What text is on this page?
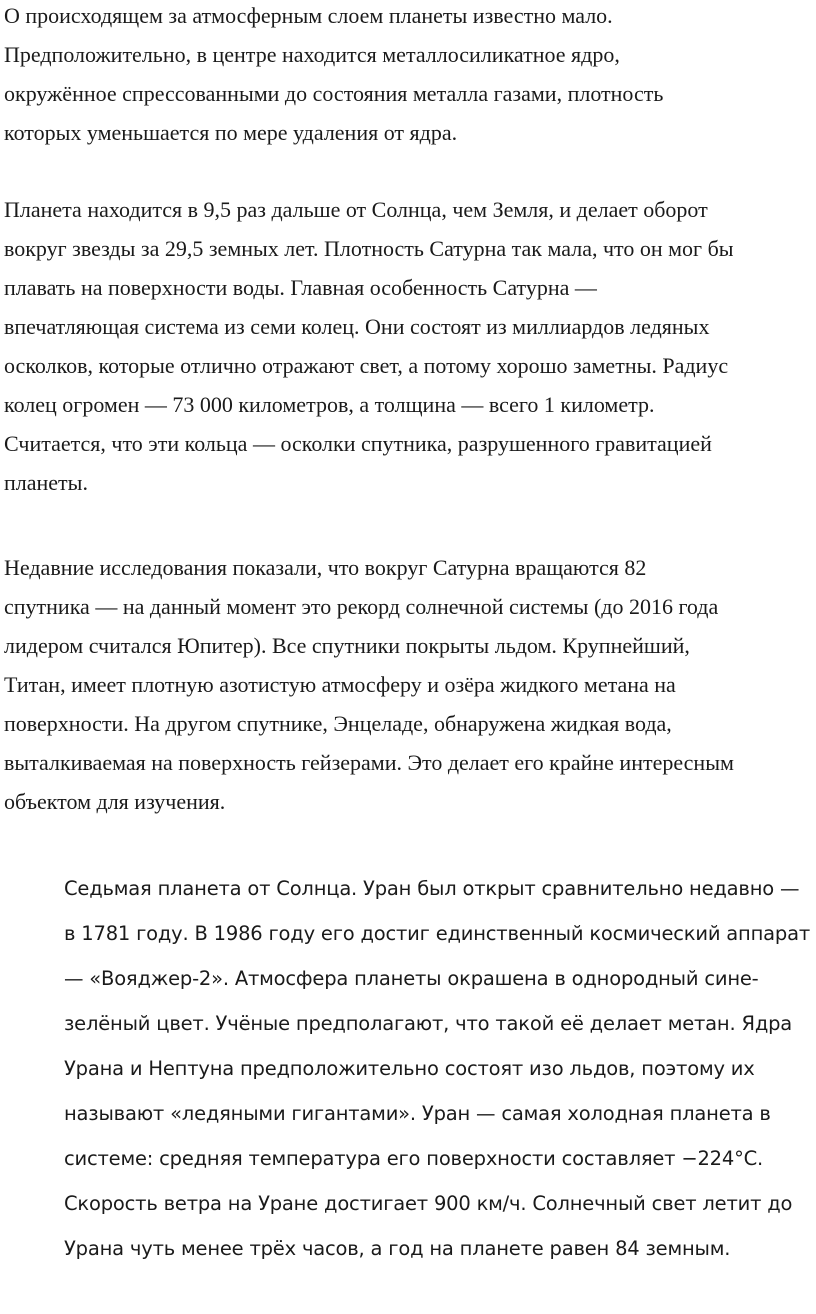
О происходящем за атмосферным слоем планеты известно мало.
Предположительно, в центре находится металлосиликатное ядро,
окружённое спрессованными до состояния металла газами, плотность
которых уменьшается по мере удаления от ядра.

Планета находится в 9,5 раз дальше от Солнца, чем Земля, и делает оборот
вокруг звезды за 29,5 земных лет. Плотность Сатурна так мала, что он мог бы
плавать на поверхности воды. Главная особенность Сатурна —
впечатляющая система из семи колец. Они состоят из миллиардов ледяных
осколков, которые отлично отражают свет, а потому хорошо заметны. Радиус
колец огромен — 73 000 километров, а толщина — всего 1 километр.
Считается, что эти кольца — осколки спутника, разрушенного гравитацией
планеты.

Недавние исследования показали, что вокруг Сатурна вращаются 82
спутника — на данный момент это рекорд солнечной системы (до 2016 года
лидером считался Юпитер). Все спутники покрыты льдом. Крупнейший,
Титан, имеет плотную азотистую атмосферу и озёра жидкого метана на
поверхности. На другом спутнике, Энцеладе, обнаружена жидкая вода,
выталкиваемая на поверхность гейзерами. Это делает его крайне интересным
объектом для изучения.

Седьмая планета от Солнца. Уран был открыт сравнительно недавно —
в 1781 году. В 1986 году его достиг единственный космический аппарат
— «Вояджер-2». Атмосфера планеты окрашена в однородный сине-
зелёный цвет. Учёные предполагают, что такой её делает метан. Ядра
Урана и Нептуна предположительно состоят изо льдов, поэтому их
называют «ледяными гигантами». Уран — самая холодная планета в
системе: средняя температура его поверхности составляет −224°C.
Скорость ветра на Уране достигает 900 км/ч. Солнечный свет летит до
Урана чуть менее трёх часов, а год на планете равен 84 земным.
